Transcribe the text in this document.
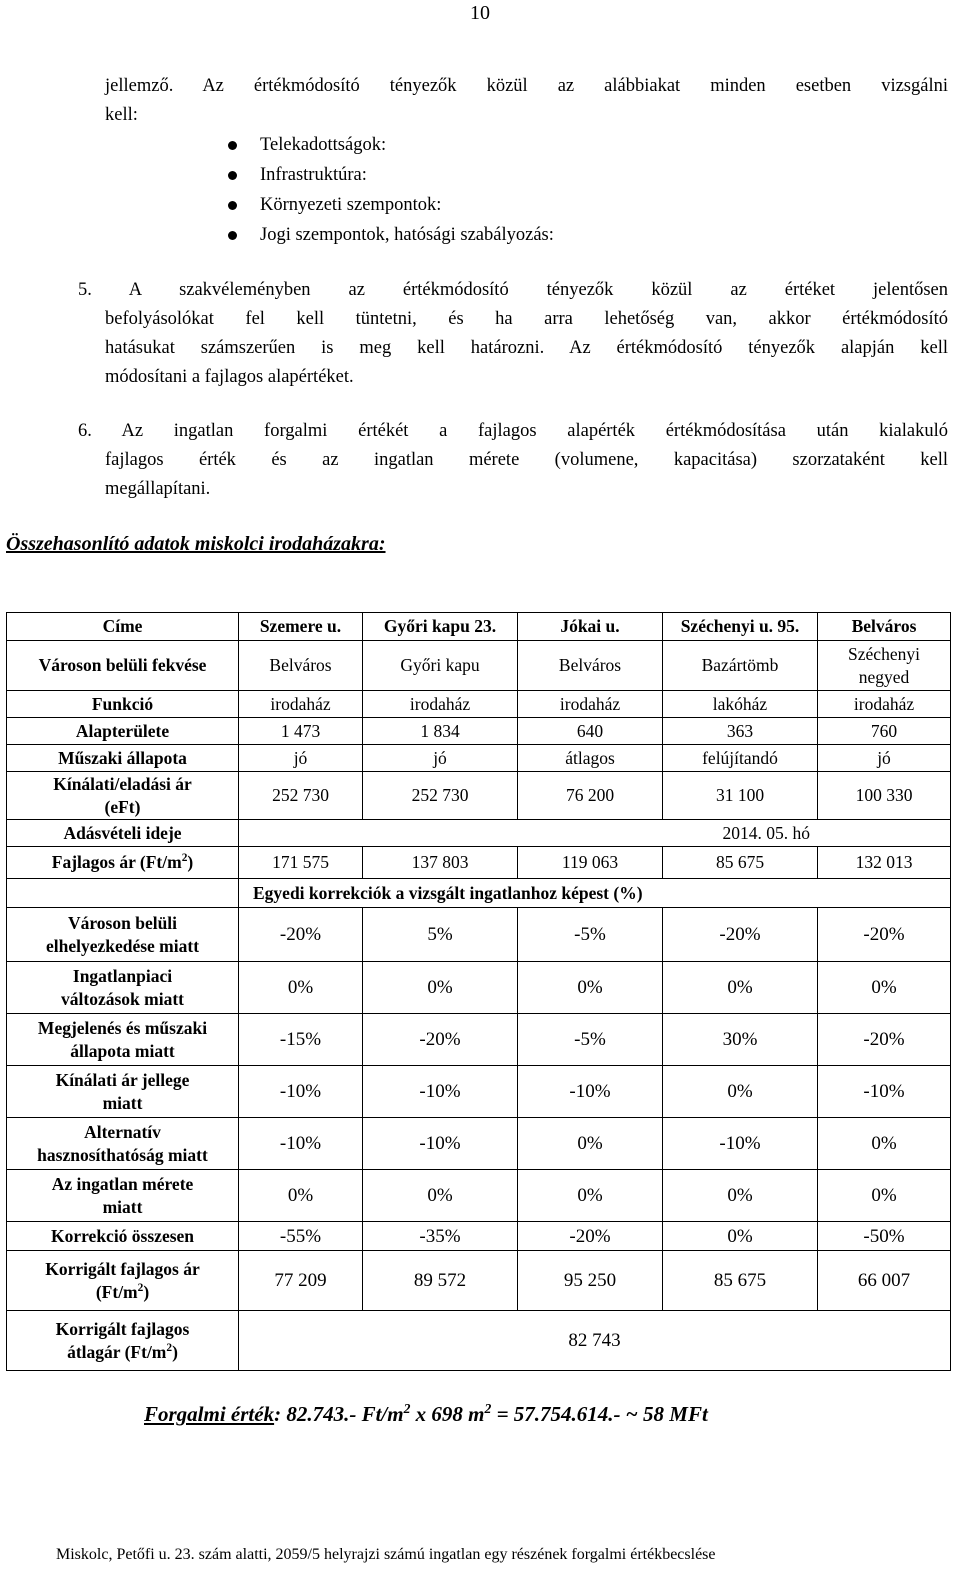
10

jellemző. Az értékmódosító tényezők közül az alábbiakat minden esetben vizsgálni

kell:

Telekadottságok:
Infrastruktúra:
Környezeti szempontok:
Jogi szempontok, hatósági szabályozás:

5. A szakvéleményben az értékmódosító tényezők közül az értéket jelentősen

befolyásolókat fel kell tüntetni, és ha arra lehetőség van, akkor értékmódosító

hatásukat számszerűen is meg kell határozni. Az értékmódosító tényezők alapján kell

módosítani a fajlagos alapértéket.

6. Az ingatlan forgalmi értékét a fajlagos alapérték értékmódosítása után kialakuló

fajlagos érték és az ingatlan mérete (volumene, kapacitása) szorzataként kell

megállapítani.

Összehasonlító adatok miskolci irodaházakra:
Címe	Szemere u.	Győri kapu 23.	Jókai u.	Széchenyi u. 95.	Belváros
Városon belüli fekvése	Belváros	Győri kapu	Belváros	Bazártömb	Széchenyi
negyed
Funkció	irodaház	irodaház	irodaház	lakóház	irodaház
Alapterülete	1 473	1 834	640	363	760
Műszaki állapota	jó	jó	átlagos	felújítandó	jó
Kínálati/eladási ár
(eFt)	252 730	252 730	76 200	31 100	100 330
Adásvételi ideje	2014. 05. hó				
Fajlagos ár $(Ft/m^2)$	171 575	137 803	119 063	85 675	132 013
	Egyedi korrekciók a vizsgált ingatlanhoz képest (%)				
Városon belüli
elhelyezkedése miatt	-20%	5%	-5%	-20%	-20%
Ingatlanpiaci
változások miatt	0%	0%	0%	0%	0%
Megjelenés és műszaki
állapota miatt	-15%	-20%	-5%	30%	-20%
Kínálati ár jellege
miatt	-10%	-10%	-10%	0%	-10%
Alternatív
hasznosíthatóság miatt	-10%	-10%	0%	-10%	0%
Az ingatlan mérete
miatt	0%	0%	0%	0%	0%
Korrekció összesen	-55%	-35%	-20%	0%	-50%
Korrigált fajlagos ár
$(Ft/m^2)$	77 209	89 572	95 250	85 675	66 007
Korrigált fajlagos
átlagár $(Ft/m^2)$	82 743				
Forgalmi érték: 82.743.- $Ft/m^2$ x 698 $m^2 = 57.754.614.-$ ~ 58 MFt
Miskolc, Petőfi u. 23. szám alatti, 2059/5 helyrajzi számú ingatlan egy részének forgalmi értékbecslése
